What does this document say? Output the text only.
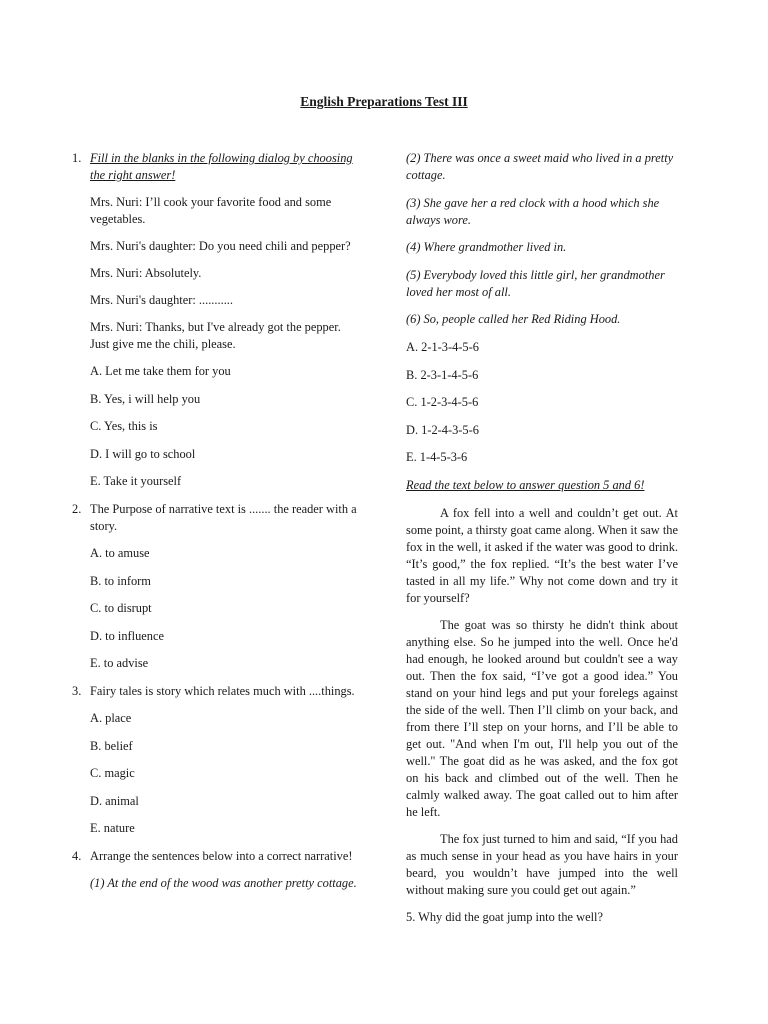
English Preparations Test III
1. Fill in the blanks in the following dialog by choosing the right answer!
Mrs. Nuri: I’ll cook your favorite food and some vegetables.
Mrs. Nuri's daughter: Do you need chili and pepper?
Mrs. Nuri: Absolutely.
Mrs. Nuri's daughter: ...........
Mrs. Nuri: Thanks, but I've already got the pepper. Just give me the chili, please.
A. Let me take them for you
B. Yes, i will help you
C. Yes, this is
D. I will go to school
E. Take it yourself
2. The Purpose of narrative text is ....... the reader with a story.
A. to amuse
B. to inform
C. to disrupt
D. to influence
E. to advise
3. Fairy tales is story which relates much with ....things.
A. place
B. belief
C. magic
D. animal
E. nature
4. Arrange the sentences below into a correct narrative!
(1) At the end of the wood was another pretty cottage.
(2) There was once a sweet maid who lived in a pretty cottage.
(3) She gave her a red clock with a hood which she always wore.
(4) Where grandmother lived in.
(5) Everybody loved this little girl, her grandmother loved her most of all.
(6) So, people called her Red Riding Hood.
A. 2-1-3-4-5-6
B. 2-3-1-4-5-6
C. 1-2-3-4-5-6
D. 1-2-4-3-5-6
E. 1-4-5-3-6
Read the text below to answer question 5 and 6!
A fox fell into a well and couldn’t get out. At some point, a thirsty goat came along. When it saw the fox in the well, it asked if the water was good to drink. “It’s good,” the fox replied. “It’s the best water I’ve tasted in all my life.” Why not come down and try it for yourself?
The goat was so thirsty he didn't think about anything else. So he jumped into the well. Once he'd had enough, he looked around but couldn't see a way out. Then the fox said, “I’ve got a good idea.” You stand on your hind legs and put your forelegs against the side of the well. Then I’ll climb on your back, and from there I’ll step on your horns, and I’ll be able to get out. "And when I'm out, I'll help you out of the well." The goat did as he was asked, and the fox got on his back and climbed out of the well. Then he calmly walked away. The goat called out to him after he left.
The fox just turned to him and said, “If you had as much sense in your head as you have hairs in your beard, you wouldn’t have jumped into the well without making sure you could get out again.”
5. Why did the goat jump into the well?
